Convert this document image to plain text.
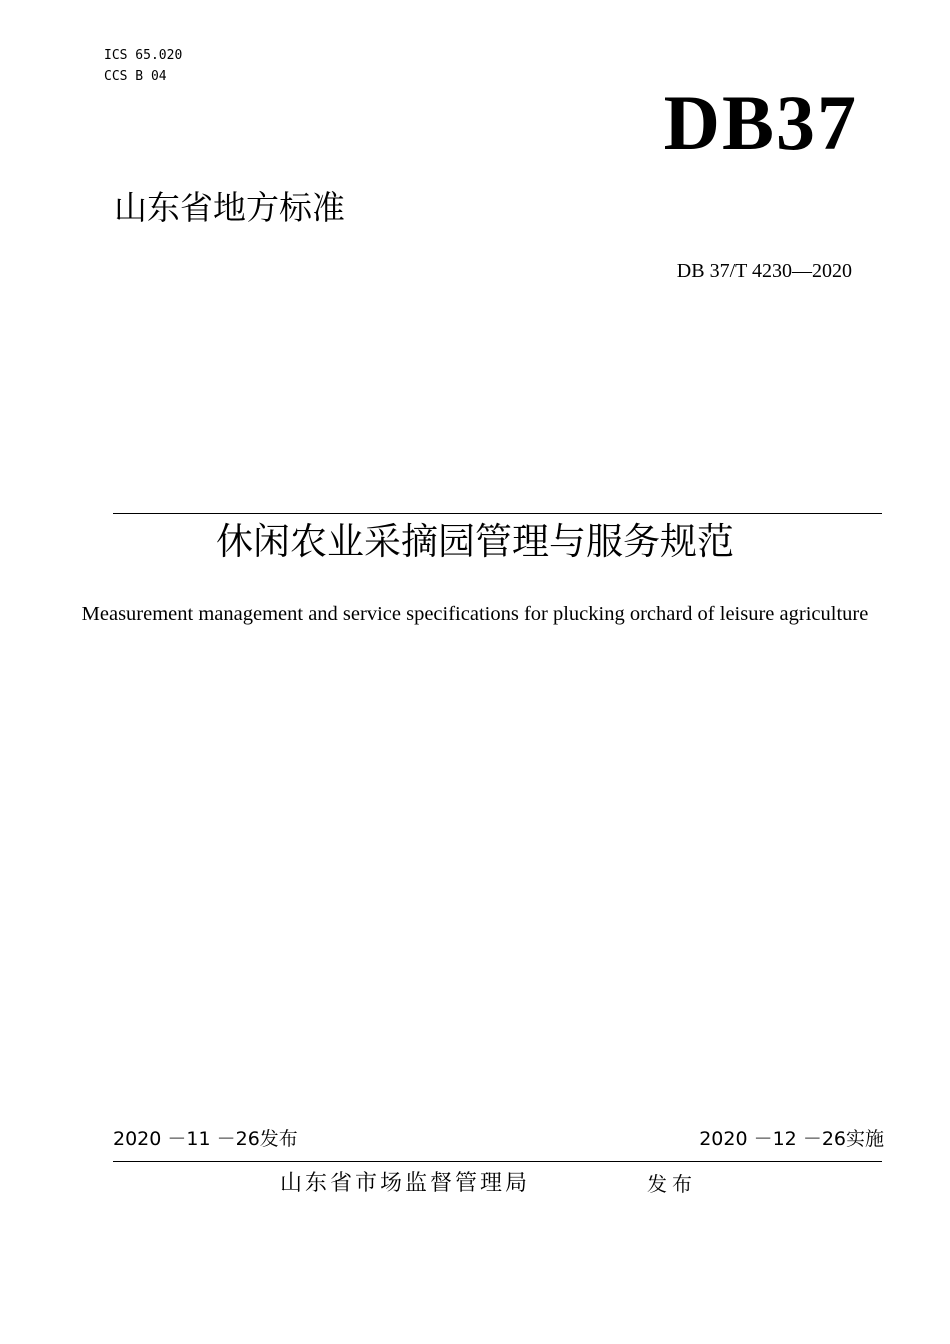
ICS 65.020
CCS B 04
DB37
山东省地方标准
DB 37/T 4230—2020
休闲农业采摘园管理与服务规范
Measurement management and service specifications for plucking orchard of leisure agriculture
2020 －11 －26发布	2020 －12 －26实施
山东省市场监督管理局	发布
